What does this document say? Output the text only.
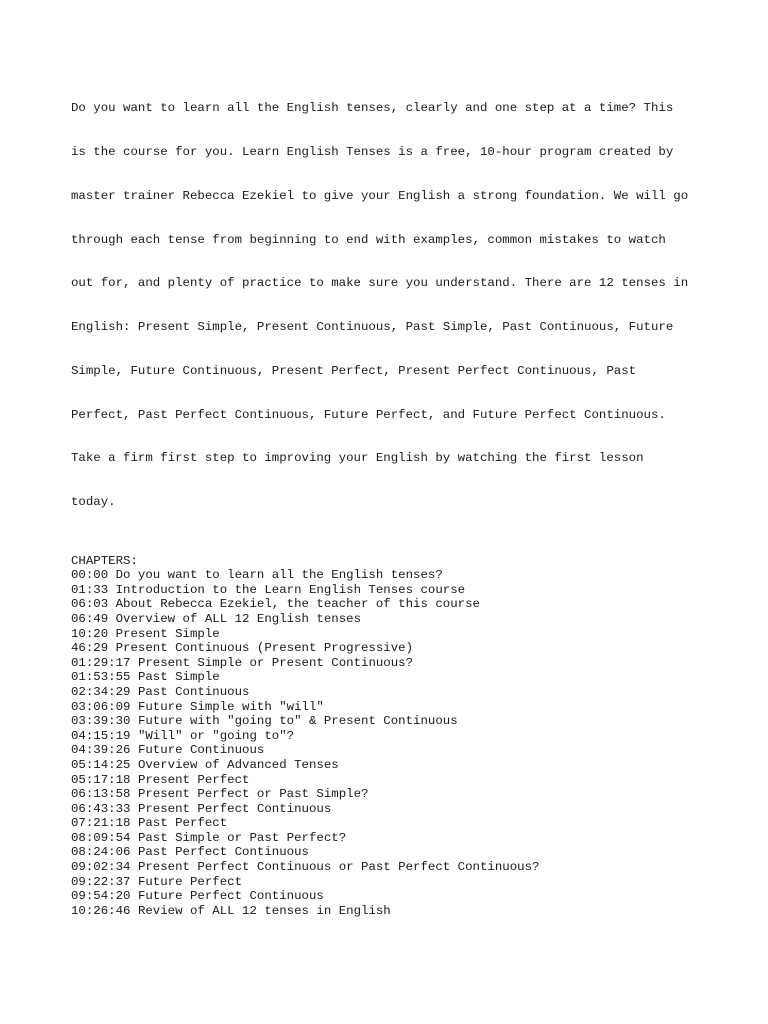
Do you want to learn all the English tenses, clearly and one step at a time? This

is the course for you. Learn English Tenses is a free, 10-hour program created by

master trainer Rebecca Ezekiel to give your English a strong foundation. We will go

through each tense from beginning to end with examples, common mistakes to watch

out for, and plenty of practice to make sure you understand. There are 12 tenses in

English: Present Simple, Present Continuous, Past Simple, Past Continuous, Future

Simple, Future Continuous, Present Perfect, Present Perfect Continuous, Past

Perfect, Past Perfect Continuous, Future Perfect, and Future Perfect Continuous.

Take a firm first step to improving your English by watching the first lesson

today.

CHAPTERS:
00:00 Do you want to learn all the English tenses?
01:33 Introduction to the Learn English Tenses course
06:03 About Rebecca Ezekiel, the teacher of this course
06:49 Overview of ALL 12 English tenses
10:20 Present Simple
46:29 Present Continuous (Present Progressive)
01:29:17 Present Simple or Present Continuous?
01:53:55 Past Simple
02:34:29 Past Continuous
03:06:09 Future Simple with "will"
03:39:30 Future with "going to" & Present Continuous
04:15:19 "Will" or "going to"?
04:39:26 Future Continuous
05:14:25 Overview of Advanced Tenses
05:17:18 Present Perfect
06:13:58 Present Perfect or Past Simple?
06:43:33 Present Perfect Continuous
07:21:18 Past Perfect
08:09:54 Past Simple or Past Perfect?
08:24:06 Past Perfect Continuous
09:02:34 Present Perfect Continuous or Past Perfect Continuous?
09:22:37 Future Perfect
09:54:20 Future Perfect Continuous
10:26:46 Review of ALL 12 tenses in English
